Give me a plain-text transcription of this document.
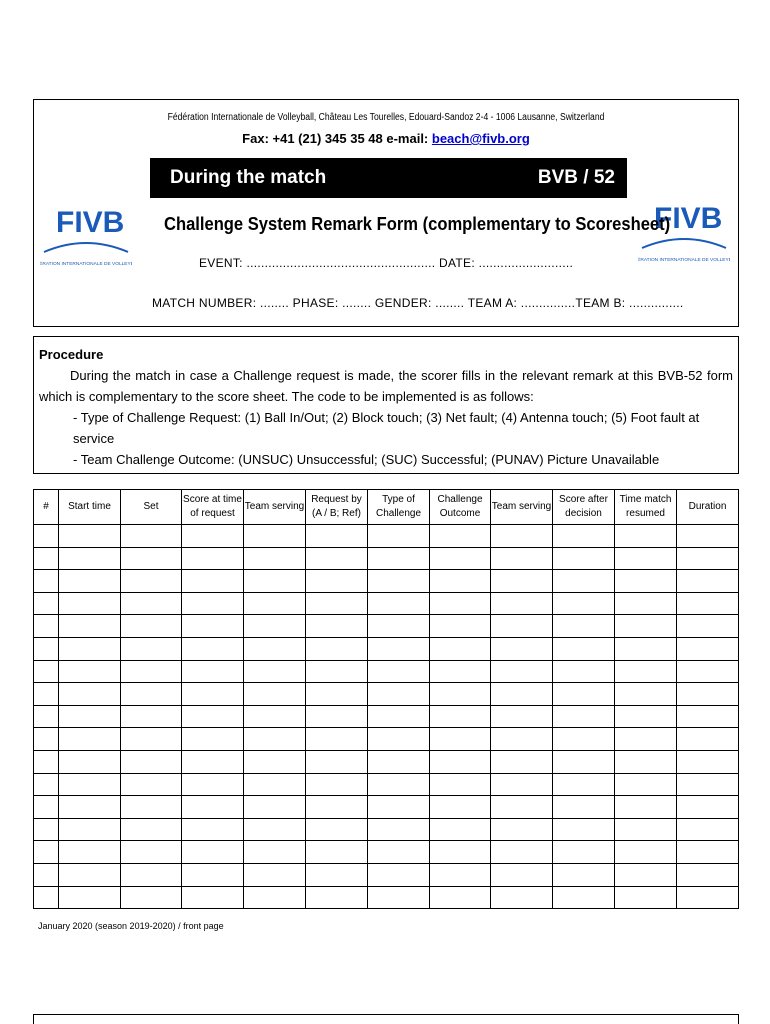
Fédération Internationale de Volleyball, Château Les Tourelles, Edouard-Sandoz 2-4 - 1006 Lausanne, Switzerland
Fax: +41 (21) 345 35 48 e-mail: beach@fivb.org
During the match	BVB / 52
FIVB
ÉRATION INTERNATIONALE DE VOLLEY
FIVB
ÉRATION INTERNATIONALE DE VOLLEY
Challenge System Remark Form (complementary to Scoresheet)
EVENT: .................................................... DATE: ..........................
MATCH NUMBER: ........ PHASE: ........ GENDER: ........ TEAM A: ...............TEAM B: ...............
Procedure
During the match in case a Challenge request is made, the scorer fills in the relevant remark at this BVB-52 form which is complementary to the score sheet. The code to be implemented is as follows:
- Type of Challenge Request: (1) Ball In/Out; (2) Block touch; (3) Net fault; (4) Antenna touch; (5) Foot fault at service
- Team Challenge Outcome: (UNSUC) Unsuccessful; (SUC) Successful; (PUNAV) Picture Unavailable
-
#	Start time	Set	Score at time of request	Team serving	Request by (A / B; Ref)	Type of Challenge	Challenge Outcome	Team serving	Score after decision	Time match resumed	Duration

January 2020 (season 2019-2020) / front page
